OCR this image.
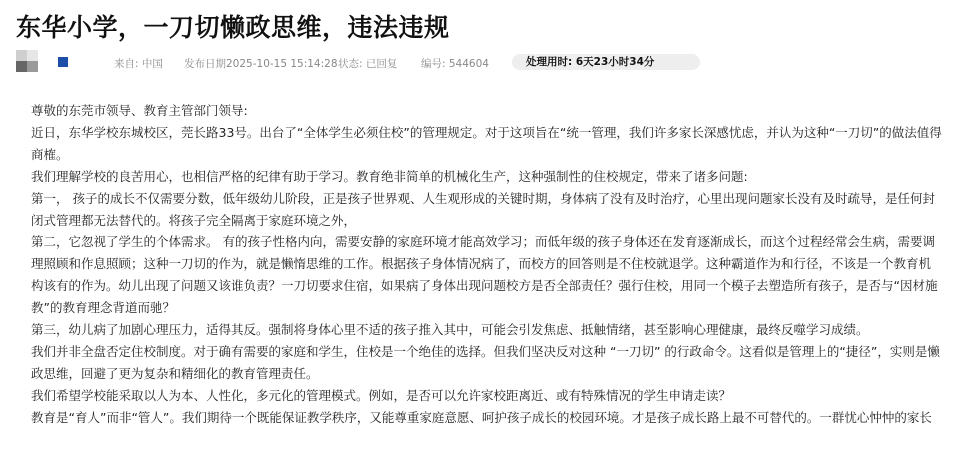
东华小学，一刀切懒政思维，违法违规
来自: 中国 发布日期2025-10-15 15:14:28 状态: 已回复 编号: 544604	处理用时: 6天23小时34分

尊敬的东莞市领导、教育主管部门领导:

近日，东华学校东城校区，莞长路33号。出台了“全体学生必须住校”的管理规定。对于这项旨在“统一管理，我们许多家长深感忧虑，并认为这种“一刀切”的做法值得商榷。

我们理解学校的良苦用心，也相信严格的纪律有助于学习。教育绝非简单的机械化生产，这种强制性的住校规定，带来了诸多问题:

第一， 孩子的成长不仅需要分数，低年级幼儿阶段，正是孩子世界观、人生观形成的关键时期，身体病了没有及时治疗，心里出现问题家长没有及时疏导，是任何封闭式管理都无法替代的。将孩子完全隔离于家庭环境之外，

第二，它忽视了学生的个体需求。 有的孩子性格内向，需要安静的家庭环境才能高效学习；而低年级的孩子身体还在发育逐渐成长，而这个过程经常会生病，需要调理照顾和作息照顾；这种一刀切的作为，就是懒惰思维的工作。根据孩子身体情况病了，而校方的回答则是不住校就退学。这种霸道作为和行径，不该是一个教育机构该有的作为。幼儿出现了问题又该谁负责？一刀切要求住宿，如果病了身体出现问题校方是否全部责任？强行住校，用同一个模子去塑造所有孩子，是否与“因材施教”的教育理念背道而驰？

第三，幼儿病了加剧心理压力，适得其反。强制将身体心里不适的孩子推入其中，可能会引发焦虑、抵触情绪，甚至影响心理健康，最终反噬学习成绩。

我们并非全盘否定住校制度。对于确有需要的家庭和学生，住校是一个绝佳的选择。但我们坚决反对这种 “一刀切” 的行政命令。这看似是管理上的“捷径”，实则是懒政思维，回避了更为复杂和精细化的教育管理责任。

我们希望学校能采取以人为本、人性化，多元化的管理模式。例如，是否可以允许家校距离近、或有特殊情况的学生申请走读？

教育是“育人”而非“管人”。我们期待一个既能保证教学秩序，又能尊重家庭意愿、呵护孩子成长的校园环境。才是孩子成长路上最不可替代的。一群忧心忡忡的家长
